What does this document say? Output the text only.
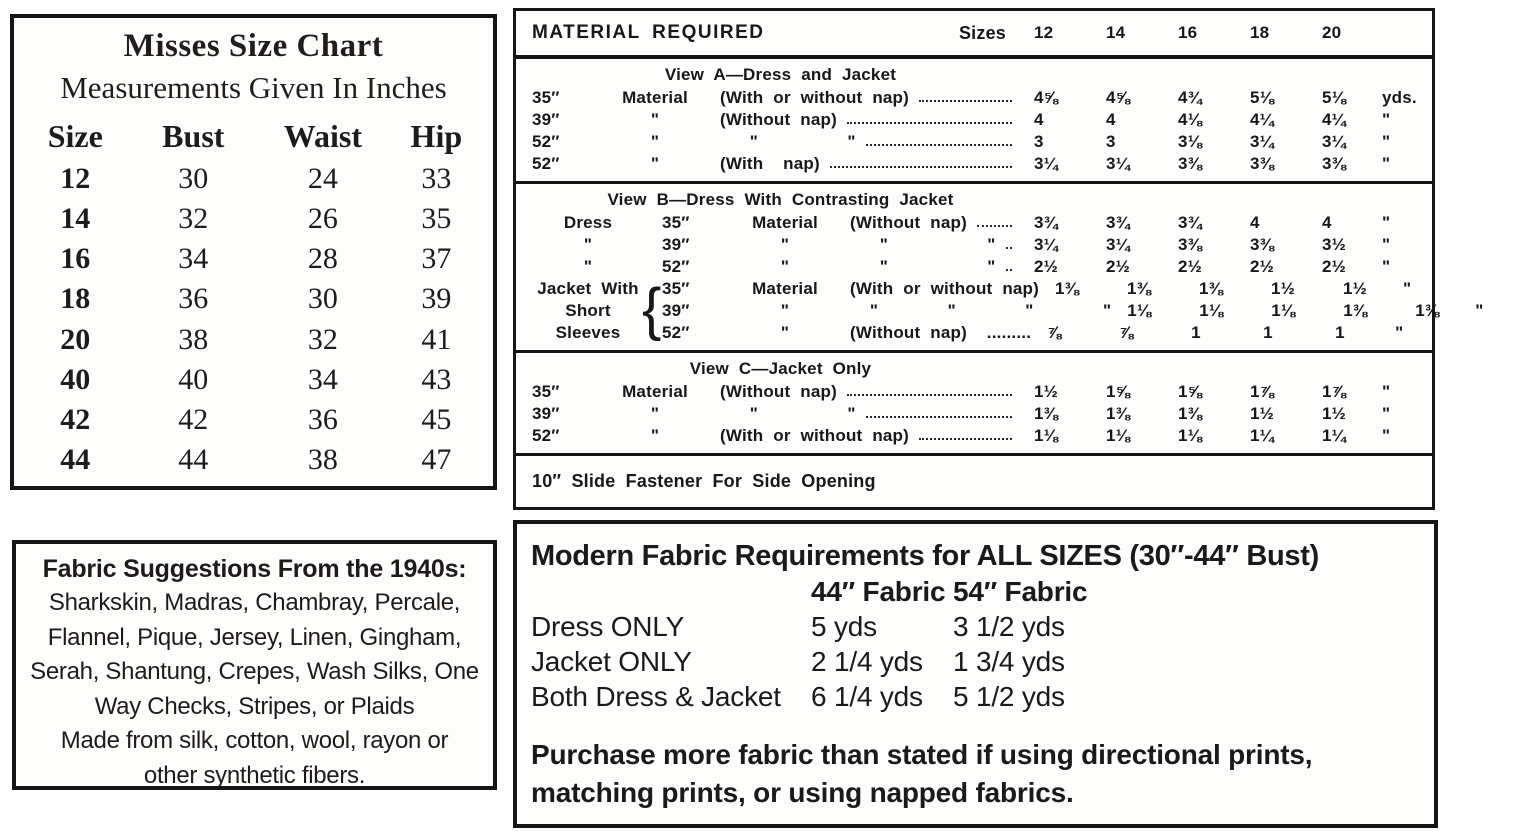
Misses Size Chart
Measurements Given In Inches
Size	Bust	Waist	Hip
12	30	24	33
14	32	26	35
16	34	28	37
18	36	30	39
20	38	32	41
40	40	34	43
42	42	36	45
44	44	38	47
MATERIAL REQUIRED	Sizes	12	14	16	18	20
View A—Dress and Jacket
35″	Material	(With or without nap)	4⅝	4⅝	4¾	5⅛	5⅛	yds.
39″	"	(Without nap)	4	4	4⅛	4¼	4¼	"
52″	"	"         "	3	3	3⅛	3¼	3¼	"
52″	"	(With  nap)	3¼	3¼	3⅜	3⅜	3⅜	"
View B—Dress With Contrasting Jacket
{
Dress	35″	Material	(Without nap)	3¾	3¾	3¾	4	4	"
"	39″	"	"          "	3¼	3¼	3⅜	3⅜	3½	"
"	52″	"	"          "	2½	2½	2½	2½	2½	"
Jacket With	35″	Material	(With or without nap) 1⅜	1⅜	1⅜	1½	1½	"
Short	39″	"	"       "       "       " 1⅛	1⅛	1⅛	1⅜	1⅜	"
Sleeves	52″	"	(Without nap)  ......... ⅞	⅞	1	1	1	"
View C—Jacket Only
35″	Material	(Without nap)	1½	1⅝	1⅝	1⅞	1⅞	"
39″	"	"         "	1⅜	1⅜	1⅜	1½	1½	"
52″	"	(With or without nap)	1⅛	1⅛	1⅛	1¼	1¼	"
10″ Slide Fastener For Side Opening
Fabric Suggestions From the 1940s:
Sharkskin, Madras, Chambray, Percale,
Flannel, Pique, Jersey, Linen, Gingham,
Serah, Shantung, Crepes, Wash Silks, One
Way Checks, Stripes, or Plaids
Made from silk, cotton, wool, rayon or
other synthetic fibers.
Modern Fabric Requirements for ALL SIZES (30″-44″ Bust)
44″ Fabric 54″ Fabric
Dress ONLY	5 yds	3 1/2 yds
Jacket ONLY	2 1/4 yds	1 3/4 yds
Both Dress & Jacket	6 1/4 yds	5 1/2 yds
Purchase more fabric than stated if using directional prints, matching prints, or using napped fabrics.
